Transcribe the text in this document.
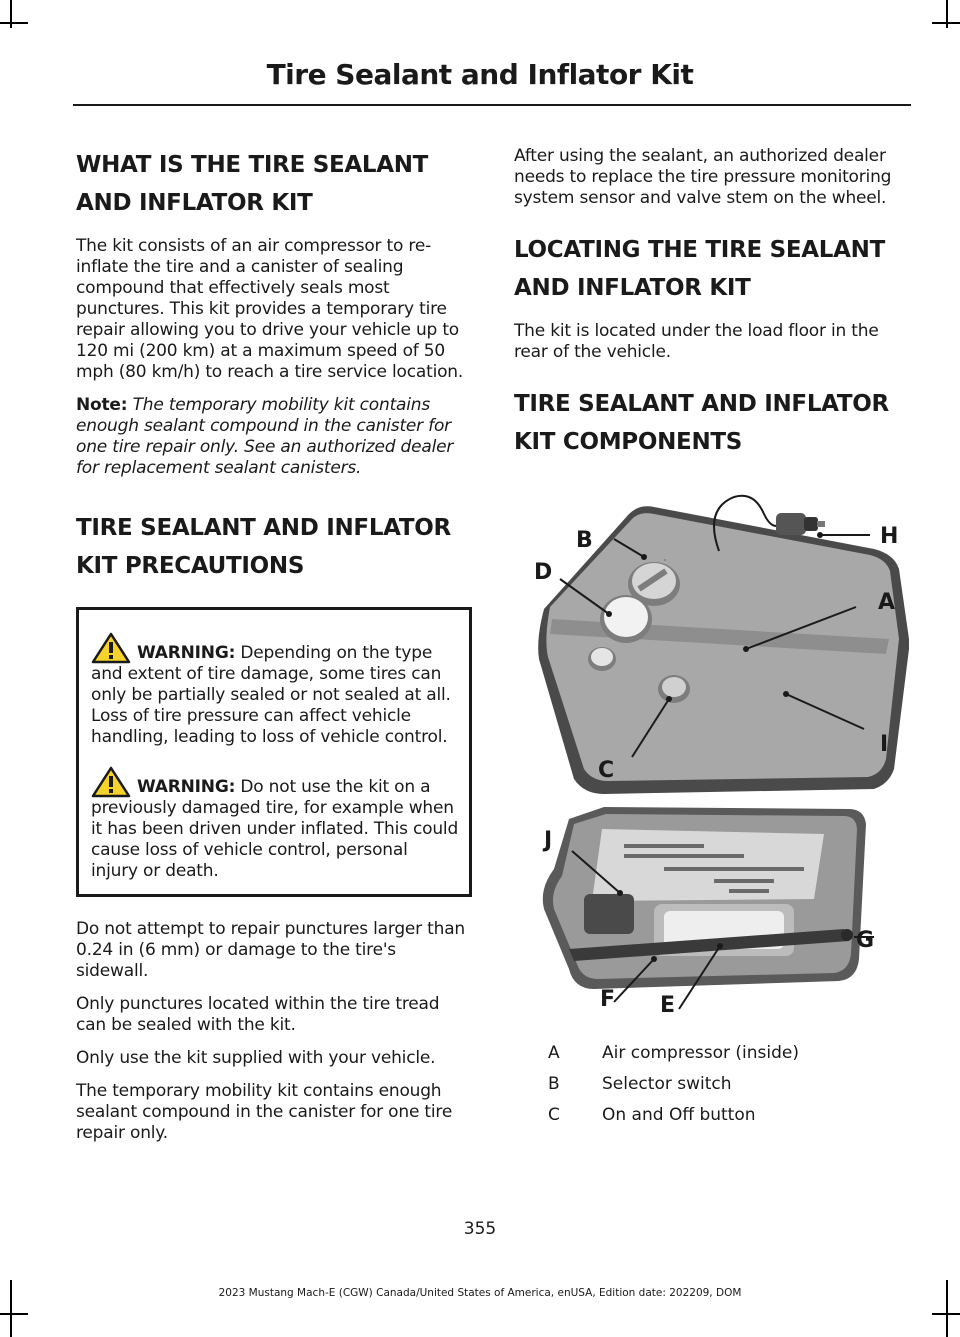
Tire Sealant and Inflator Kit
WHAT IS THE TIRE SEALANT AND INFLATOR KIT

The kit consists of an air compressor to re-inflate the tire and a canister of sealing compound that effectively seals most punctures. This kit provides a temporary tire repair allowing you to drive your vehicle up to 120 mi (200 km) at a maximum speed of 50 mph (80 km/h) to reach a tire service location.

Note: The temporary mobility kit contains enough sealant compound in the canister for one tire repair only. See an authorized dealer for replacement sealant canisters.

TIRE SEALANT AND INFLATOR KIT PRECAUTIONS

WARNING: Depending on the type and extent of tire damage, some tires can only be partially sealed or not sealed at all. Loss of tire pressure can affect vehicle handling, leading to loss of vehicle control.

WARNING: Do not use the kit on a previously damaged tire, for example when it has been driven under inflated. This could cause loss of vehicle control, personal injury or death.

Do not attempt to repair punctures larger than 0.24 in (6 mm) or damage to the tire's sidewall.

Only punctures located within the tire tread can be sealed with the kit.

Only use the kit supplied with your vehicle.

The temporary mobility kit contains enough sealant compound in the canister for one tire repair only.

After using the sealant, an authorized dealer needs to replace the tire pressure monitoring system sensor and valve stem on the wheel.

LOCATING THE TIRE SEALANT AND INFLATOR KIT

The kit is located under the load floor in the rear of the vehicle.

TIRE SEALANT AND INFLATOR KIT COMPONENTS
H
B
D
A
I
C
J
G
F E
A	Air compressor (inside)
B	Selector switch
C	On and Off button
355
2023 Mustang Mach-E (CGW) Canada/United States of America, enUSA, Edition date: 202209, DOM
